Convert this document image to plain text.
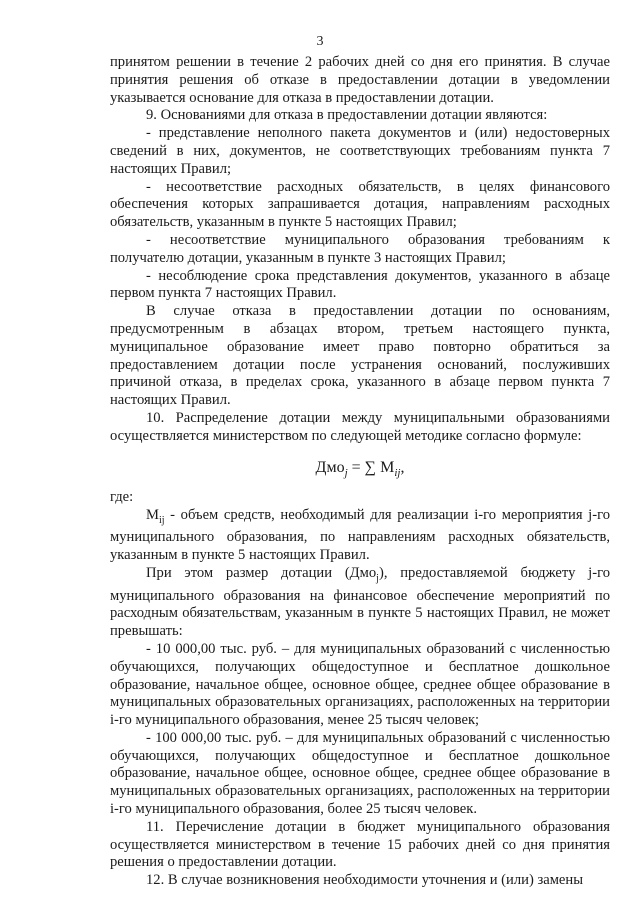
3

принятом решении в течение 2 рабочих дней со дня его принятия. В случае принятия решения об отказе в предоставлении дотации в уведомлении указывается основание для отказа в предоставлении дотации.

9. Основаниями для отказа в предоставлении дотации являются:

- представление неполного пакета документов и (или) недостоверных сведений в них, документов, не соответствующих требованиям пункта 7 настоящих Правил;

- несоответствие расходных обязательств, в целях финансового обеспечения которых запрашивается дотация, направлениям расходных обязательств, указанным в пункте 5 настоящих Правил;

- несоответствие муниципального образования требованиям к получателю дотации, указанным в пункте 3 настоящих Правил;

- несоблюдение срока представления документов, указанного в абзаце первом пункта 7 настоящих Правил.

В случае отказа в предоставлении дотации по основаниям, предусмотренным в абзацах втором, третьем настоящего пункта, муниципальное образование имеет право повторно обратиться за предоставлением дотации после устранения оснований, послуживших причиной отказа, в пределах срока, указанного в абзаце первом пункта 7 настоящих Правил.

10. Распределение дотации между муниципальными образованиями осуществляется министерством по следующей методике согласно формуле:

Дмо$_j$ = ∑ $M_{ij}$,

где:

$M_{ij}$ - объем средств, необходимый для реализации i-го мероприятия j-го муниципального образования, по направлениям расходных обязательств, указанным в пункте 5 настоящих Правил.

При этом размер дотации (Дмо$_j$), предоставляемой бюджету j-го муниципального образования на финансовое обеспечение мероприятий по расходным обязательствам, указанным в пункте 5 настоящих Правил, не может превышать:

- 10 000,00 тыс. руб. – для муниципальных образований с численностью обучающихся, получающих общедоступное и бесплатное дошкольное образование, начальное общее, основное общее, среднее общее образование в муниципальных образовательных организациях, расположенных на территории i-го муниципального образования, менее 25 тысяч человек;

- 100 000,00 тыс. руб. – для муниципальных образований с численностью обучающихся, получающих общедоступное и бесплатное дошкольное образование, начальное общее, основное общее, среднее общее образование в муниципальных образовательных организациях, расположенных на территории i-го муниципального образования, более 25 тысяч человек.

11. Перечисление дотации в бюджет муниципального образования осуществляется министерством в течение 15 рабочих дней со дня принятия решения о предоставлении дотации.

12. В случае возникновения необходимости уточнения и (или) замены
